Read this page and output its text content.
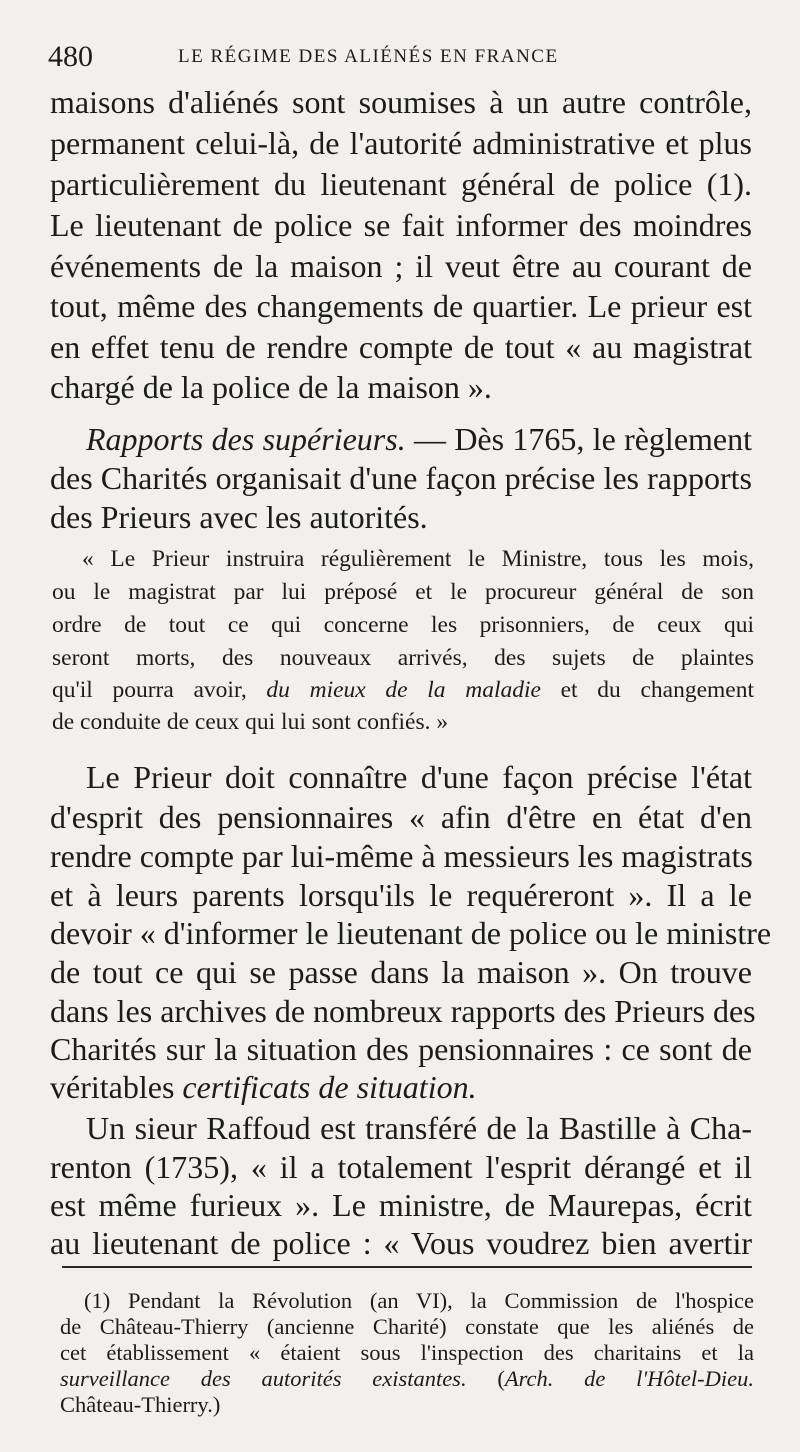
480	LE RÉGIME DES ALIÉNÉS EN FRANCE
maisons d'aliénés sont soumises à un autre contrôle,
permanent celui-là, de l'autorité administrative et plus
particulièrement du lieutenant général de police (1).
Le lieutenant de police se fait informer des moindres
événements de la maison ; il veut être au courant de
tout, même des changements de quartier. Le prieur est
en effet tenu de rendre compte de tout « au magistrat
chargé de la police de la maison ».
Rapports des supérieurs. — Dès 1765, le règlement
des Charités organisait d'une façon précise les rapports
des Prieurs avec les autorités.
« Le Prieur instruira régulièrement le Ministre, tous les mois,
ou le magistrat par lui préposé et le procureur général de son
ordre de tout ce qui concerne les prisonniers, de ceux qui
seront morts, des nouveaux arrivés, des sujets de plaintes
qu'il pourra avoir, du mieux de la maladie et du changement
de conduite de ceux qui lui sont confiés. »
Le Prieur doit connaître d'une façon précise l'état
d'esprit des pensionnaires « afin d'être en état d'en
rendre compte par lui-même à messieurs les magistrats
et à leurs parents lorsqu'ils le requéreront ». Il a le
devoir « d'informer le lieutenant de police ou le ministre
de tout ce qui se passe dans la maison ». On trouve
dans les archives de nombreux rapports des Prieurs des
Charités sur la situation des pensionnaires : ce sont de
véritables certificats de situation.
Un sieur Raffoud est transféré de la Bastille à Cha-
renton (1735), « il a totalement l'esprit dérangé et il
est même furieux ». Le ministre, de Maurepas, écrit
au lieutenant de police : « Vous voudrez bien avertir
(1) Pendant la Révolution (an VI), la Commission de l'hospice
de Château-Thierry (ancienne Charité) constate que les aliénés de
cet établissement « étaient sous l'inspection des charitains et la
surveillance des autorités existantes. (Arch. de l'Hôtel-Dieu.
Château-Thierry.)
